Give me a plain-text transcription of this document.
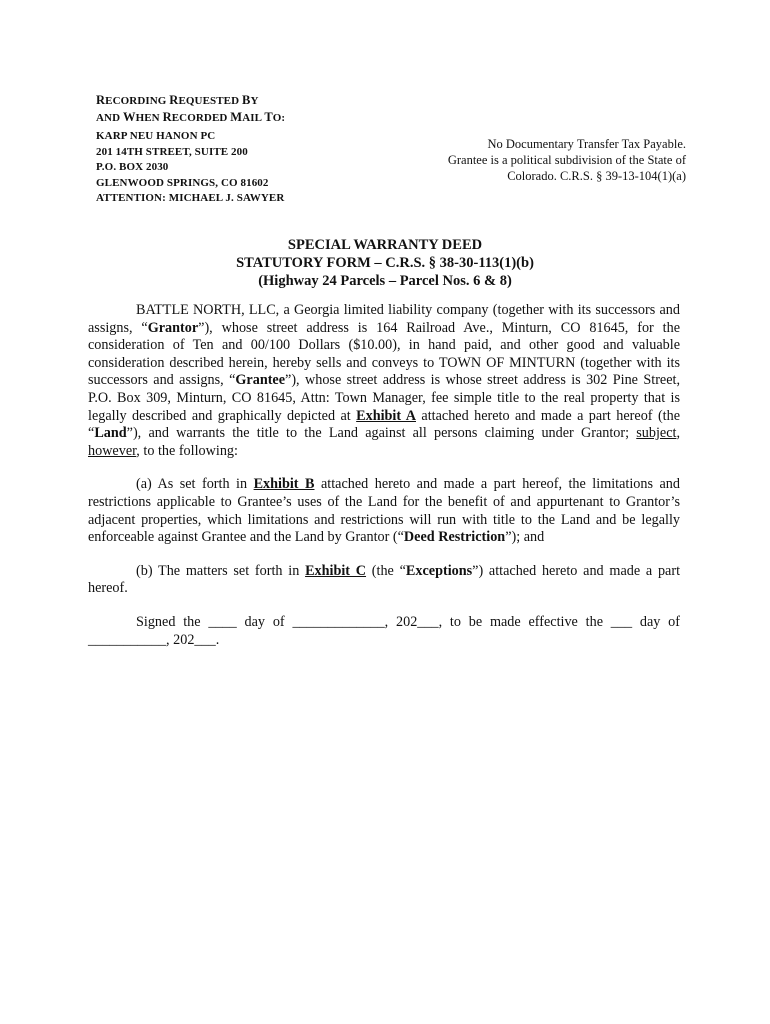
RECORDING REQUESTED BY
AND WHEN RECORDED MAIL TO:
KARP NEU HANON PC
201 14TH STREET, SUITE 200
P.O. BOX 2030
GLENWOOD SPRINGS, CO 81602
ATTENTION: MICHAEL J. SAWYER
No Documentary Transfer Tax Payable.
Grantee is a political subdivision of the State of
Colorado. C.R.S. § 39-13-104(1)(a)
SPECIAL WARRANTY DEED
STATUTORY FORM – C.R.S. § 38-30-113(1)(b)
(Highway 24 Parcels – Parcel Nos. 6 & 8)

BATTLE NORTH, LLC, a Georgia limited liability company (together with its successors and assigns, “Grantor”), whose street address is 164 Railroad Ave., Minturn, CO 81645, for the consideration of Ten and 00/100 Dollars ($10.00), in hand paid, and other good and valuable consideration described herein, hereby sells and conveys to TOWN OF MINTURN (together with its successors and assigns, “Grantee”), whose street address is whose street address is 302 Pine Street, P.O. Box 309, Minturn, CO 81645, Attn: Town Manager, fee simple title to the real property that is legally described and graphically depicted at Exhibit A attached hereto and made a part hereof (the “Land”), and warrants the title to the Land against all persons claiming under Grantor; subject, however, to the following:

(a) As set forth in Exhibit B attached hereto and made a part hereof, the limitations and restrictions applicable to Grantee’s uses of the Land for the benefit of and appurtenant to Grantor’s adjacent properties, which limitations and restrictions will run with title to the Land and be legally enforceable against Grantee and the Land by Grantor (“Deed Restriction”); and

(b) The matters set forth in Exhibit C (the “Exceptions”) attached hereto and made a part hereof.

Signed the ____ day of _____________, 202___, to be made effective the ___ day of ___________, 202___.
